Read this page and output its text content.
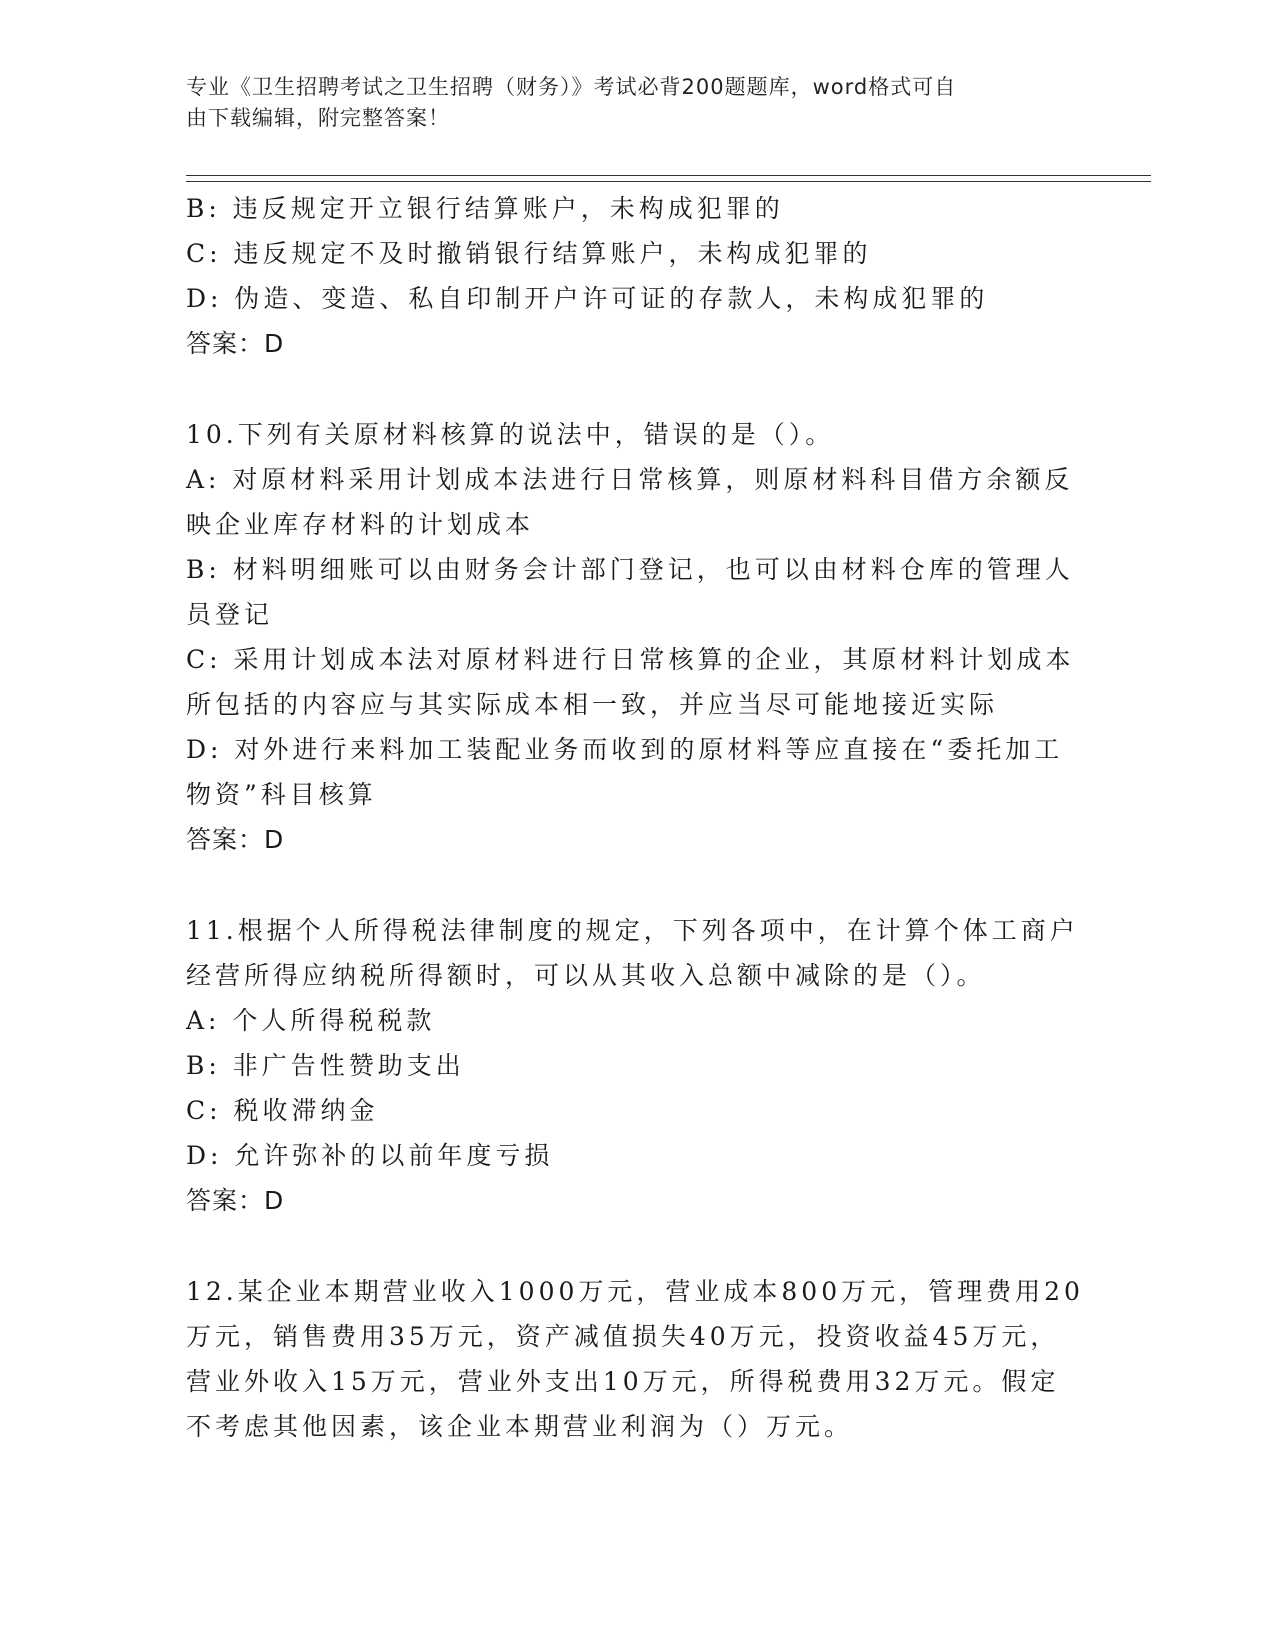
专业《卫生招聘考试之卫生招聘（财务）》考试必背200题题库，word格式可自
由下载编辑，附完整答案！
B: 违反规定开立银行结算账户，未构成犯罪的
C: 违反规定不及时撤销银行结算账户，未构成犯罪的
D: 伪造、变造、私自印制开户许可证的存款人，未构成犯罪的
答案：D
10.下列有关原材料核算的说法中，错误的是（）。
A: 对原材料采用计划成本法进行日常核算，则原材料科目借方余额反
映企业库存材料的计划成本
B: 材料明细账可以由财务会计部门登记，也可以由材料仓库的管理人
员登记
C: 采用计划成本法对原材料进行日常核算的企业，其原材料计划成本
所包括的内容应与其实际成本相一致，并应当尽可能地接近实际
D: 对外进行来料加工装配业务而收到的原材料等应直接在“委托加工
物资”科目核算
答案：D
11.根据个人所得税法律制度的规定，下列各项中，在计算个体工商户
经营所得应纳税所得额时，可以从其收入总额中减除的是（）。
A: 个人所得税税款
B: 非广告性赞助支出
C: 税收滞纳金
D: 允许弥补的以前年度亏损
答案：D
12.某企业本期营业收入1000万元，营业成本800万元，管理费用20
万元，销售费用35万元，资产减值损失40万元，投资收益45万元，
营业外收入15万元，营业外支出10万元，所得税费用32万元。假定
不考虑其他因素，该企业本期营业利润为（）万元。
